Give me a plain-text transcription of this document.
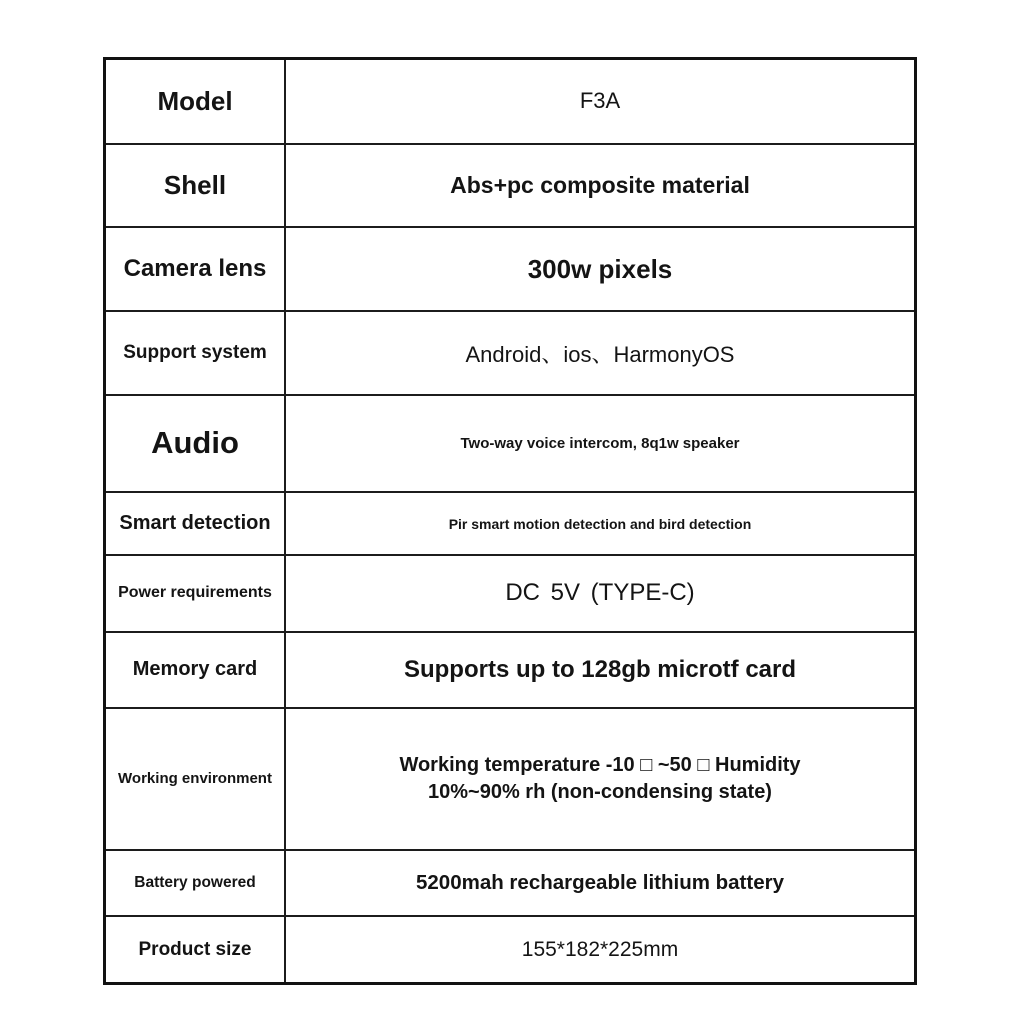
Model	F3A
Shell	Abs+pc composite material
Camera lens	300w pixels
Support system	Android、ios、HarmonyOS
Audio	Two-way voice intercom, 8q1w speaker
Smart detection	Pir smart motion detection and bird detection
Power requirements	DC 5V (TYPE-C)
Memory card	Supports up to 128gb microtf card
Working environment	Working temperature -10 □ ~50 □ Humidity
10%~90% rh (non-condensing state)

Battery powered	5200mah rechargeable lithium battery
Product size	155*182*225mm
